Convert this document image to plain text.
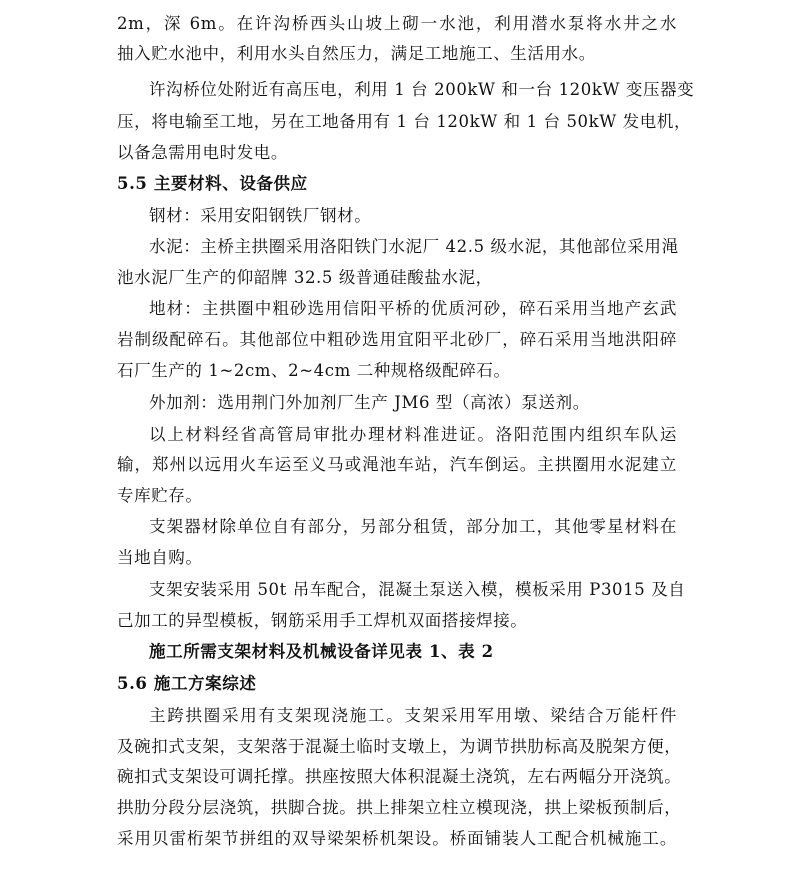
2m，深 6m。在许沟桥西头山坡上砌一水池，利用潜水泵将水井之水
抽入贮水池中，利用水头自然压力，满足工地施工、生活用水。
许沟桥位处附近有高压电，利用 1 台 200kW 和一台 120kW 变压器变
压，将电输至工地，另在工地备用有 1 台 120kW 和 1 台 50kW 发电机，
以备急需用电时发电。
5.5 主要材料、设备供应
钢材：采用安阳钢铁厂钢材。
水泥：主桥主拱圈采用洛阳铁门水泥厂 42.5 级水泥，其他部位采用渑
池水泥厂生产的仰韶牌 32.5 级普通硅酸盐水泥，
地材：主拱圈中粗砂选用信阳平桥的优质河砂，碎石采用当地产玄武
岩制级配碎石。其他部位中粗砂选用宜阳平北砂厂，碎石采用当地洪阳碎
石厂生产的 1~2cm、2~4cm 二种规格级配碎石。
外加剂：选用荆门外加剂厂生产 JM6 型（高浓）泵送剂。
以上材料经省高管局审批办理材料准进证。洛阳范围内组织车队运
输，郑州以远用火车运至义马或渑池车站，汽车倒运。主拱圈用水泥建立
专库贮存。
支架器材除单位自有部分，另部分租赁，部分加工，其他零星材料在
当地自购。
支架安装采用 50t 吊车配合，混凝土泵送入模，模板采用 P3015 及自
己加工的异型模板，钢筋采用手工焊机双面搭接焊接。
施工所需支架材料及机械设备详见表 1、表 2
5.6 施工方案综述
主跨拱圈采用有支架现浇施工。支架采用军用墩、梁结合万能杆件
及碗扣式支架，支架落于混凝土临时支墩上，为调节拱肋标高及脱架方便，
碗扣式支架设可调托撑。拱座按照大体积混凝土浇筑，左右两幅分开浇筑。
拱肋分段分层浇筑，拱脚合拢。拱上排架立柱立模现浇，拱上梁板预制后，
采用贝雷桁架节拼组的双导梁架桥机架设。桥面铺装人工配合机械施工。
